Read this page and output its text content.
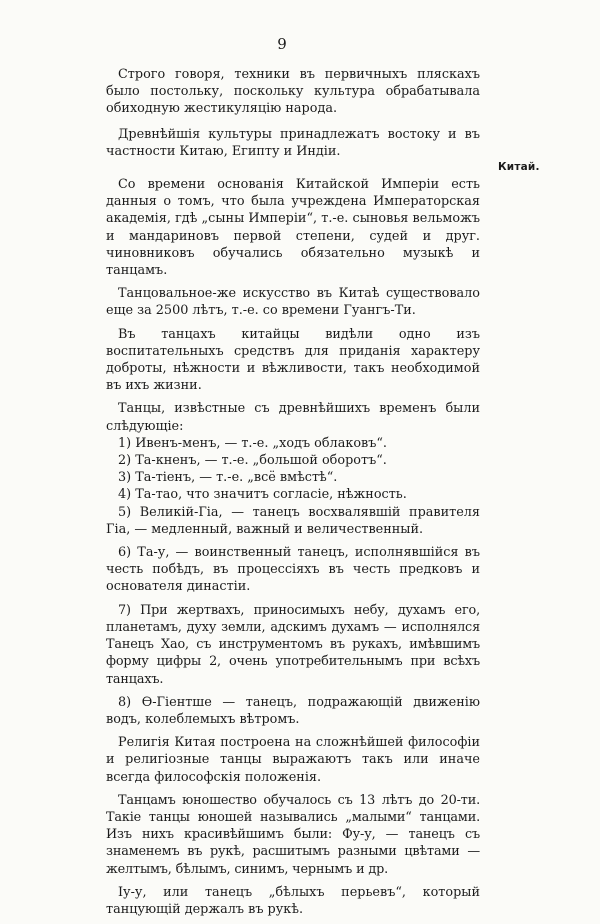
9
Китай.

Строго говоря, техники въ первичныхъ пляскахъ было постольку, поскольку культура обрабатывала обиходную жестикуляцію народа.

Древнѣйшія культуры принадлежатъ востоку и въ частности Китаю, Египту и Индіи.

Со времени основанія Китайской Имперіи есть данныя о томъ, что была учреждена Императорская академія, гдѣ „сыны Имперіи“, т.-е. сыновья вельможъ и мандариновъ первой степени, судей и друг. чиновниковъ обучались обязательно музыкѣ и танцамъ.

Танцовальное-же искусство въ Китаѣ существовало еще за 2500 лѣтъ, т.-е. со времени Гуангъ-Ти.

Въ танцахъ китайцы видѣли одно изъ воспитательныхъ средствъ для приданія характеру доброты, нѣжности и вѣжливости, такъ необходимой въ ихъ жизни.

Танцы, извѣстные съ древнѣйшихъ временъ были слѣдующіе:

1) Ивенъ-менъ, — т.-е. „ходъ облаковъ“.

2) Та-кненъ, — т.-е. „большой оборотъ“.

3) Та-тіенъ, — т.-е. „всё вмѣстѣ“.

4) Та-тао, что значитъ согласіе, нѣжность.

5) Великій-Гіа, — танецъ восхвалявшій правителя Гіа, — медленный, важный и величественный.

6) Та-у, — воинственный танецъ, исполнявшійся въ честь побѣдъ, въ процессіяхъ въ честь предковъ и основателя династіи.

7) При жертвахъ, приносимыхъ небу, духамъ его, планетамъ, духу земли, адскимъ духамъ — исполнялся Танецъ Хао, съ инструментомъ въ рукахъ, имѣвшимъ форму цифры 2, очень употребительнымъ при всѣхъ танцахъ.

8) Ѳ-Гіентше — танецъ, подражающій движенію водъ, колеблемыхъ вѣтромъ.

Религія Китая построена на сложнѣйшей философіи и религіозные танцы выражаютъ такъ или иначе всегда философскія положенія.

Танцамъ юношество обучалось съ 13 лѣтъ до 20-ти. Такіе танцы юношей назывались „малыми“ танцами. Изъ нихъ красивѣйшимъ были: Фу-у, — танецъ съ знаменемъ въ рукѣ, расшитымъ разными цвѣтами — желтымъ, бѣлымъ, синимъ, чернымъ и др.

Іу-у, или танецъ „бѣлыхъ перьевъ“, который танцующій держалъ въ рукѣ.
